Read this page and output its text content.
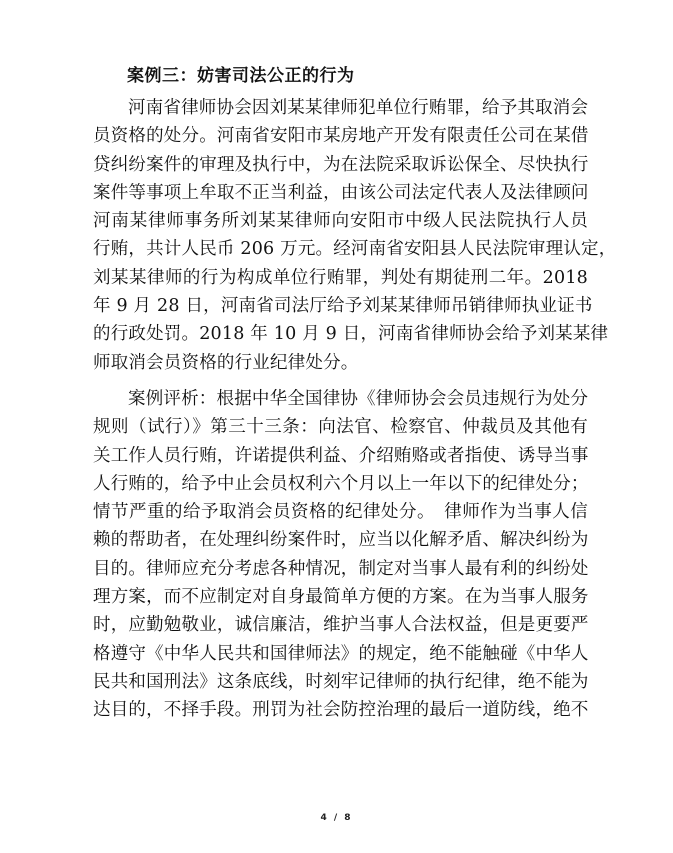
案例三：妨害司法公正的行为
河南省律师协会因刘某某律师犯单位行贿罪，给予其取消会
员资格的处分。河南省安阳市某房地产开发有限责任公司在某借
贷纠纷案件的审理及执行中，为在法院采取诉讼保全、尽快执行
案件等事项上牟取不正当利益，由该公司法定代表人及法律顾问
河南某律师事务所刘某某律师向安阳市中级人民法院执行人员
行贿，共计人民币 206 万元。经河南省安阳县人民法院审理认定，
刘某某律师的行为构成单位行贿罪，判处有期徒刑二年。2018
年 9 月 28 日，河南省司法厅给予刘某某律师吊销律师执业证书
的行政处罚。2018 年 10 月 9 日，河南省律师协会给予刘某某律
师取消会员资格的行业纪律处分。
案例评析：根据中华全国律协《律师协会会员违规行为处分
规则（试行）》第三十三条：向法官、检察官、仲裁员及其他有
关工作人员行贿，许诺提供利益、介绍贿赂或者指使、诱导当事
人行贿的，给予中止会员权利六个月以上一年以下的纪律处分；
情节严重的给予取消会员资格的纪律处分。　律师作为当事人信
赖的帮助者，在处理纠纷案件时，应当以化解矛盾、解决纠纷为
目的。律师应充分考虑各种情况，制定对当事人最有利的纠纷处
理方案，而不应制定对自身最简单方便的方案。在为当事人服务
时，应勤勉敬业，诚信廉洁，维护当事人合法权益，但是更要严
格遵守《中华人民共和国律师法》的规定，绝不能触碰《中华人
民共和国刑法》这条底线，时刻牢记律师的执行纪律，绝不能为
达目的，不择手段。刑罚为社会防控治理的最后一道防线，绝不
4 / 8
